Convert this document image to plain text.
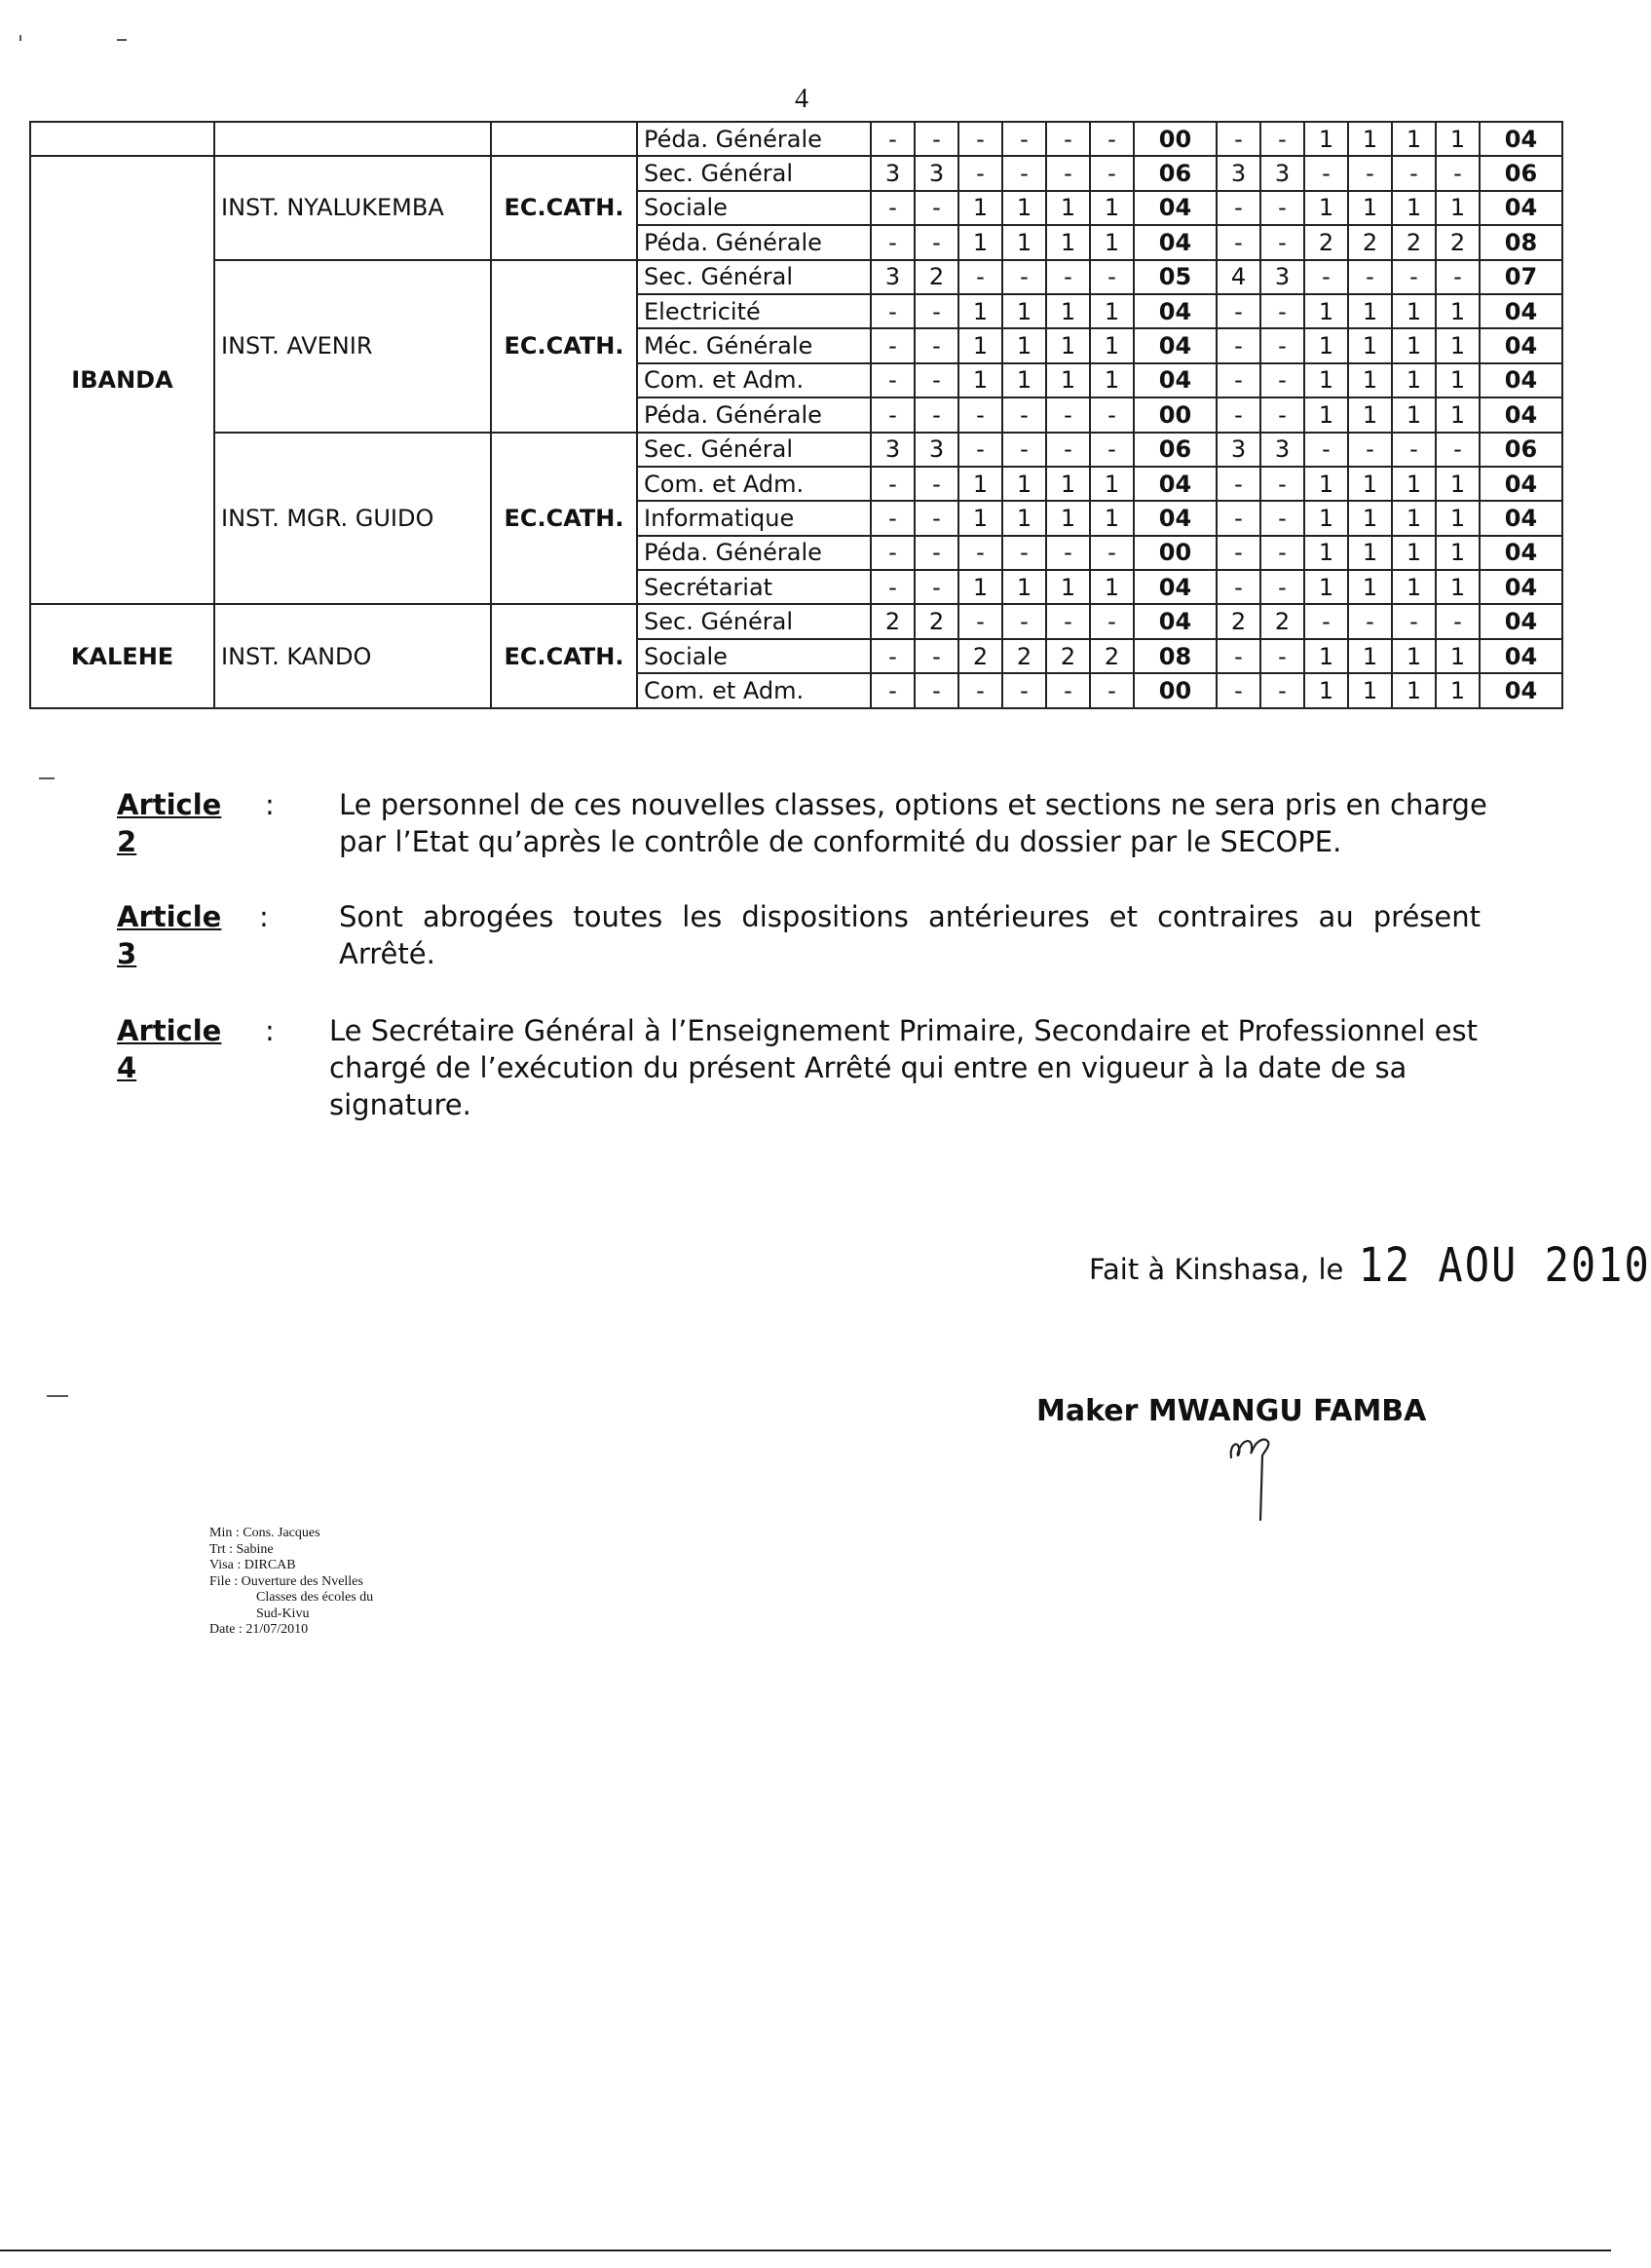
4
			Péda. Générale	-	-	-	-	-	-	00	-	-	1	1	1	1	04
IBANDA	INST. NYALUKEMBA	EC.CATH.	Sec. Général	3	3	-	-	-	-	06	3	3	-	-	-	-	06
			Sociale	-	-	1	1	1	1	04	-	-	1	1	1	1	04
			Péda. Générale	-	-	1	1	1	1	04	-	-	2	2	2	2	08
	INST. AVENIR	EC.CATH.	Sec. Général	3	2	-	-	-	-	05	4	3	-	-	-	-	07
			Electricité	-	-	1	1	1	1	04	-	-	1	1	1	1	04
			Méc. Générale	-	-	1	1	1	1	04	-	-	1	1	1	1	04
			Com. et Adm.	-	-	1	1	1	1	04	-	-	1	1	1	1	04
			Péda. Générale	-	-	-	-	-	-	00	-	-	1	1	1	1	04
	INST. MGR. GUIDO	EC.CATH.	Sec. Général	3	3	-	-	-	-	06	3	3	-	-	-	-	06
			Com. et Adm.	-	-	1	1	1	1	04	-	-	1	1	1	1	04
			Informatique	-	-	1	1	1	1	04	-	-	1	1	1	1	04
			Péda. Générale	-	-	-	-	-	-	00	-	-	1	1	1	1	04
			Secrétariat	-	-	1	1	1	1	04	-	-	1	1	1	1	04
KALEHE	INST. KANDO	EC.CATH.	Sec. Général	2	2	-	-	-	-	04	2	2	-	-	-	-	04
			Sociale	-	-	2	2	2	2	08	-	-	1	1	1	1	04
			Com. et Adm.	-	-	-	-	-	-	00	-	-	1	1	1	1	04
Article 2
: Le personnel de ces nouvelles classes, options et sections ne sera pris en charge
par l’Etat qu’après le contrôle de conformité du dossier par le SECOPE.
Article 3
: Sont abrogées toutes les dispositions antérieures et contraires au présent
Arrêté.
Article 4
: Le Secrétaire Général à l’Enseignement Primaire, Secondaire et Professionnel est
chargé de l’exécution du présent Arrêté qui entre en vigueur à la date de sa
signature.
Fait à Kinshasa, le 12 AOU 2010
Maker MWANGU FAMBA
Min : Cons. Jacques
Trt : Sabine
Visa : DIRCAB
File : Ouverture des Nvelles
Classes des écoles du
Sud-Kivu
Date : 21/07/2010
